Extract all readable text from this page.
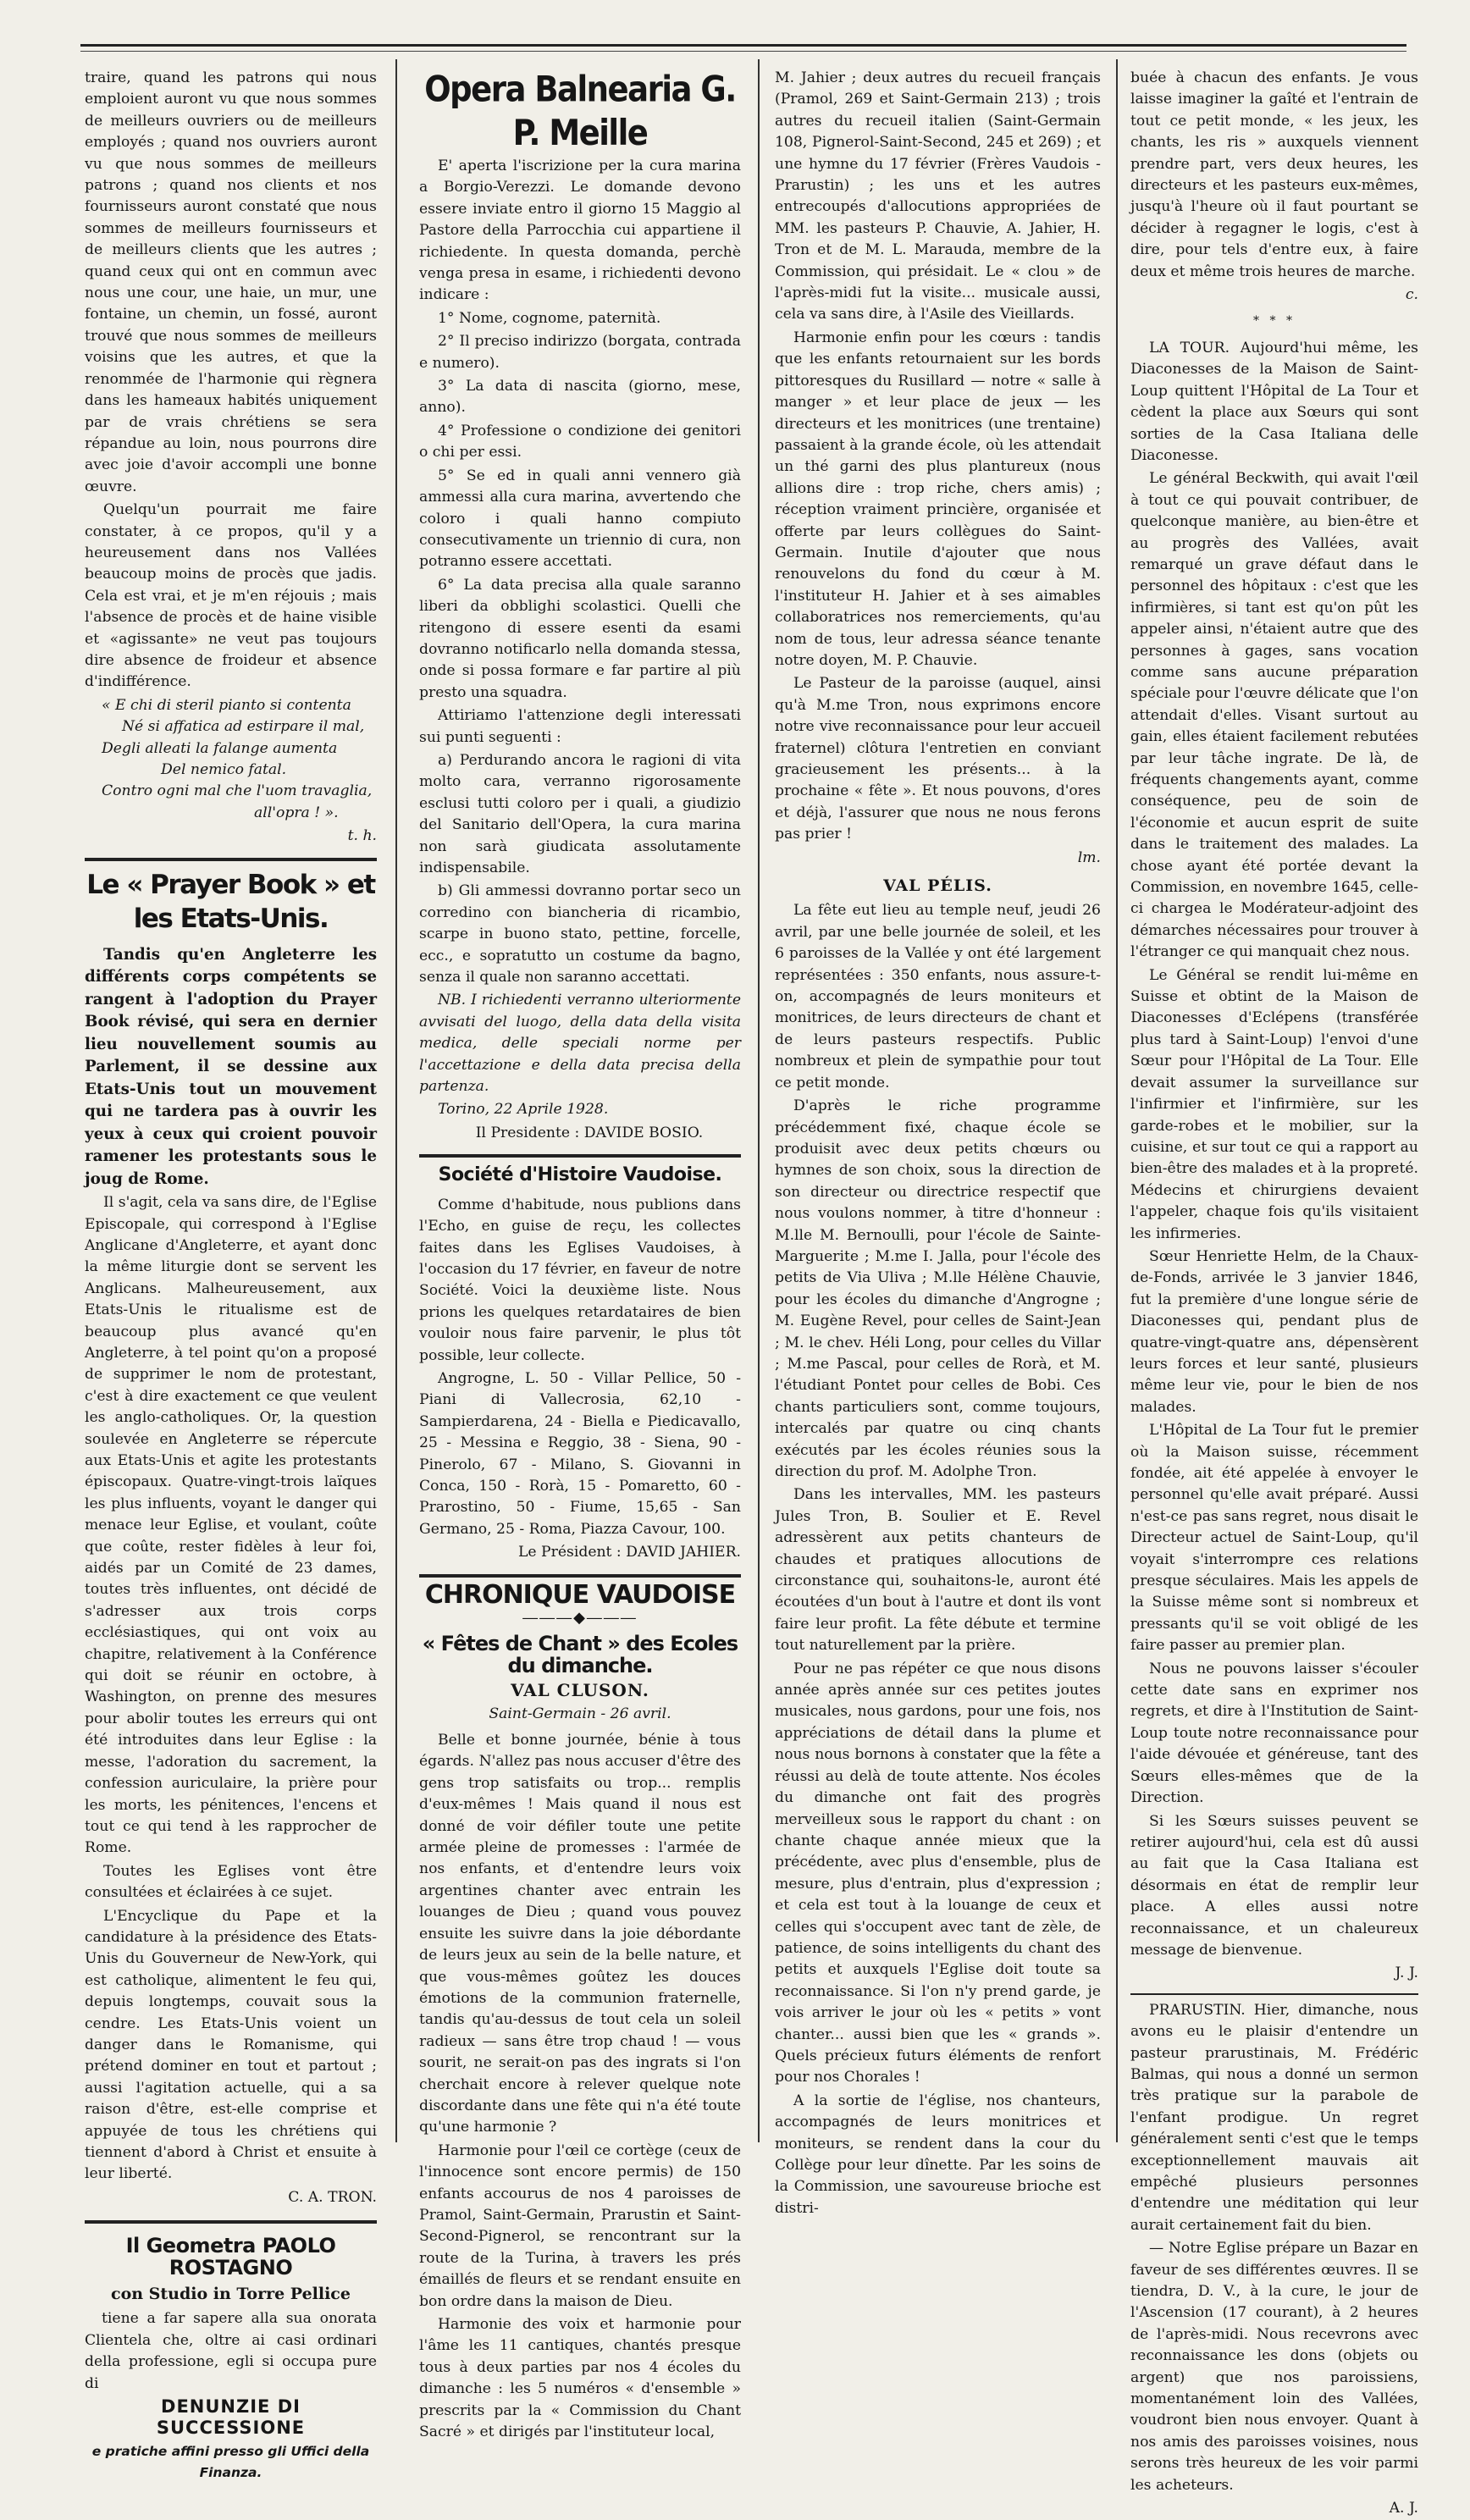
traire, quand les patrons qui nous emploient auront vu que nous sommes de meilleurs ouvriers ou de meilleurs employés ; quand nos ouvriers auront vu que nous sommes de meilleurs patrons ; quand nos clients et nos fournisseurs auront constaté que nous sommes de meilleurs fournisseurs et de meilleurs clients que les autres ; quand ceux qui ont en commun avec nous une cour, une haie, un mur, une fontaine, un chemin, un fossé, auront trouvé que nous sommes de meilleurs voisins que les autres, et que la renommée de l'harmonie qui règnera dans les hameaux habités uniquement par de vrais chrétiens se sera répandue au loin, nous pourrons dire avec joie d'avoir accompli une bonne œuvre.

Quelqu'un pourrait me faire constater, à ce propos, qu'il y a heureusement dans nos Vallées beaucoup moins de procès que jadis. Cela est vrai, et je m'en réjouis ; mais l'absence de procès et de haine visible et «agissante» ne veut pas toujours dire absence de froideur et absence d'indifférence.

« E chi di steril pianto si contenta

Né si affatica ad estirpare il mal,

Degli alleati la falange aumenta

Del nemico fatal.

Contro ogni mal che l'uom travaglia,

all'opra ! ».

t. h.
Le « Prayer Book » et les Etats-Unis.

Tandis qu'en Angleterre les différents corps compétents se rangent à l'adoption du Prayer Book révisé, qui sera en dernier lieu nouvellement soumis au Parlement, il se dessine aux Etats-Unis tout un mouvement qui ne tardera pas à ouvrir les yeux à ceux qui croient pouvoir ramener les protestants sous le joug de Rome.

Il s'agit, cela va sans dire, de l'Eglise Episcopale, qui correspond à l'Eglise Anglicane d'Angleterre, et ayant donc la même liturgie dont se servent les Anglicans. Malheureusement, aux Etats-Unis le ritualisme est de beaucoup plus avancé qu'en Angleterre, à tel point qu'on a proposé de supprimer le nom de protestant, c'est à dire exactement ce que veulent les anglo-catholiques. Or, la question soulevée en Angleterre se répercute aux Etats-Unis et agite les protestants épiscopaux. Quatre-vingt-trois laïques les plus influents, voyant le danger qui menace leur Eglise, et voulant, coûte que coûte, rester fidèles à leur foi, aidés par un Comité de 23 dames, toutes très influentes, ont décidé de s'adresser aux trois corps ecclésiastiques, qui ont voix au chapitre, relativement à la Conférence qui doit se réunir en octobre, à Washington, on prenne des mesures pour abolir toutes les erreurs qui ont été introduites dans leur Eglise : la messe, l'adoration du sacrement, la confession auriculaire, la prière pour les morts, les pénitences, l'encens et tout ce qui tend à les rapprocher de Rome.

Toutes les Eglises vont être consultées et éclairées à ce sujet.

L'Encyclique du Pape et la candidature à la présidence des Etats-Unis du Gouverneur de New-York, qui est catholique, alimentent le feu qui, depuis longtemps, couvait sous la cendre. Les Etats-Unis voient un danger dans le Romanisme, qui prétend dominer en tout et partout ; aussi l'agitation actuelle, qui a sa raison d'être, est-elle comprise et appuyée de tous les chrétiens qui tiennent d'abord à Christ et ensuite à leur liberté.

C. A. TRON.
Il Geometra PAOLO ROSTAGNO
con Studio in Torre Pellice
tiene a far sapere alla sua onorata Clientela che, oltre ai casi ordinari della professione, egli si occupa pure di
DENUNZIE DI SUCCESSIONE
e pratiche affini presso gli Uffici della Finanza.
Opera Balnearia G. P. Meille

E' aperta l'iscrizione per la cura marina a Borgio-Verezzi. Le domande devono essere inviate entro il giorno 15 Maggio al Pastore della Parrocchia cui appartiene il richiedente. In questa domanda, perchè venga presa in esame, i richiedenti devono indicare :

1° Nome, cognome, paternità.

2° Il preciso indirizzo (borgata, contrada e numero).

3° La data di nascita (giorno, mese, anno).

4° Professione o condizione dei genitori o chi per essi.

5° Se ed in quali anni vennero già ammessi alla cura marina, avvertendo che coloro i quali hanno compiuto consecutivamente un triennio di cura, non potranno essere accettati.

6° La data precisa alla quale saranno liberi da obblighi scolastici. Quelli che ritengono di essere esenti da esami dovranno notificarlo nella domanda stessa, onde si possa formare e far partire al più presto una squadra.

Attiriamo l'attenzione degli interessati sui punti seguenti :

a) Perdurando ancora le ragioni di vita molto cara, verranno rigorosamente esclusi tutti coloro per i quali, a giudizio del Sanitario dell'Opera, la cura marina non sarà giudicata assolutamente indispensabile.

b) Gli ammessi dovranno portar seco un corredino con biancheria di ricambio, scarpe in buono stato, pettine, forcelle, ecc., e sopratutto un costume da bagno, senza il quale non saranno accettati.

NB. I richiedenti verranno ulteriormente avvisati del luogo, della data della visita medica, delle speciali norme per l'accettazione e della data precisa della partenza.

Torino, 22 Aprile 1928.

Il Presidente : DAVIDE BOSIO.

Société d'Histoire Vaudoise.

Comme d'habitude, nous publions dans l'Echo, en guise de reçu, les collectes faites dans les Eglises Vaudoises, à l'occasion du 17 février, en faveur de notre Société. Voici la deuxième liste. Nous prions les quelques retardataires de bien vouloir nous faire parvenir, le plus tôt possible, leur collecte.

Angrogne, L. 50 - Villar Pellice, 50 - Piani di Vallecrosia, 62,10 - Sampierdarena, 24 - Biella e Piedicavallo, 25 - Messina e Reggio, 38 - Siena, 90 - Pinerolo, 67 - Milano, S. Giovanni in Conca, 150 - Rorà, 15 - Pomaretto, 60 - Prarostino, 50 - Fiume, 15,65 - San Germano, 25 - Roma, Piazza Cavour, 100.

Le Président : DAVID JAHIER.
CHRONIQUE VAUDOISE
―――◆―――
« Fêtes de Chant » des Ecoles du dimanche.
VAL CLUSON.
Saint-Germain - 26 avril.

Belle et bonne journée, bénie à tous égards. N'allez pas nous accuser d'être des gens trop satisfaits ou trop... remplis d'eux-mêmes ! Mais quand il nous est donné de voir défiler toute une petite armée pleine de promesses : l'armée de nos enfants, et d'entendre leurs voix argentines chanter avec entrain les louanges de Dieu ; quand vous pouvez ensuite les suivre dans la joie débordante de leurs jeux au sein de la belle nature, et que vous-mêmes goûtez les douces émotions de la communion fraternelle, tandis qu'au-dessus de tout cela un soleil radieux — sans être trop chaud ! — vous sourit, ne serait-on pas des ingrats si l'on cherchait encore à relever quelque note discordante dans une fête qui n'a été toute qu'une harmonie ?

Harmonie pour l'œil ce cortège (ceux de l'innocence sont encore permis) de 150 enfants accourus de nos 4 paroisses de Pramol, Saint-Germain, Prarustin et Saint-Second-Pignerol, se rencontrant sur la route de la Turina, à travers les prés émaillés de fleurs et se rendant ensuite en bon ordre dans la maison de Dieu.

Harmonie des voix et harmonie pour l'âme les 11 cantiques, chantés presque tous à deux parties par nos 4 écoles du dimanche : les 5 numéros « d'ensemble » prescrits par la « Commission du Chant Sacré » et dirigés par l'instituteur local,

M. Jahier ; deux autres du recueil français (Pramol, 269 et Saint-Germain 213) ; trois autres du recueil italien (Saint-Germain 108, Pignerol-Saint-Second, 245 et 269) ; et une hymne du 17 février (Frères Vaudois - Prarustin) ; les uns et les autres entrecoupés d'allocutions appropriées de MM. les pasteurs P. Chauvie, A. Jahier, H. Tron et de M. L. Marauda, membre de la Commission, qui présidait. Le « clou » de l'après-midi fut la visite... musicale aussi, cela va sans dire, à l'Asile des Vieillards.

Harmonie enfin pour les cœurs : tandis que les enfants retournaient sur les bords pittoresques du Rusillard — notre « salle à manger » et leur place de jeux — les directeurs et les monitrices (une trentaine) passaient à la grande école, où les attendait un thé garni des plus plantureux (nous allions dire : trop riche, chers amis) ; réception vraiment princière, organisée et offerte par leurs collègues do Saint-Germain. Inutile d'ajouter que nous renouvelons du fond du cœur à M. l'instituteur H. Jahier et à ses aimables collaboratrices nos remerciements, qu'au nom de tous, leur adressa séance tenante notre doyen, M. P. Chauvie.

Le Pasteur de la paroisse (auquel, ainsi qu'à M.me Tron, nous exprimons encore notre vive reconnaissance pour leur accueil fraternel) clôtura l'entretien en conviant gracieusement les présents... à la prochaine « fête ». Et nous pouvons, d'ores et déjà, l'assurer que nous ne nous ferons pas prier !

lm.
VAL PÉLIS.

La fête eut lieu au temple neuf, jeudi 26 avril, par une belle journée de soleil, et les 6 paroisses de la Vallée y ont été largement représentées : 350 enfants, nous assure-t-on, accompagnés de leurs moniteurs et monitrices, de leurs directeurs de chant et de leurs pasteurs respectifs. Public nombreux et plein de sympathie pour tout ce petit monde.

D'après le riche programme précédemment fixé, chaque école se produisit avec deux petits chœurs ou hymnes de son choix, sous la direction de son directeur ou directrice respectif que nous voulons nommer, à titre d'honneur : M.lle M. Bernoulli, pour l'école de Sainte-Marguerite ; M.me I. Jalla, pour l'école des petits de Via Uliva ; M.lle Hélène Chauvie, pour les écoles du dimanche d'Angrogne ; M. Eugène Revel, pour celles de Saint-Jean ; M. le chev. Héli Long, pour celles du Villar ; M.me Pascal, pour celles de Rorà, et M. l'étudiant Pontet pour celles de Bobi. Ces chants particuliers sont, comme toujours, intercalés par quatre ou cinq chants exécutés par les écoles réunies sous la direction du prof. M. Adolphe Tron.

Dans les intervalles, MM. les pasteurs Jules Tron, B. Soulier et E. Revel adressèrent aux petits chanteurs de chaudes et pratiques allocutions de circonstance qui, souhaitons-le, auront été écoutées d'un bout à l'autre et dont ils vont faire leur profit. La fête débute et termine tout naturellement par la prière.

Pour ne pas répéter ce que nous disons année après année sur ces petites joutes musicales, nous gardons, pour une fois, nos appréciations de détail dans la plume et nous nous bornons à constater que la fête a réussi au delà de toute attente. Nos écoles du dimanche ont fait des progrès merveilleux sous le rapport du chant : on chante chaque année mieux que la précédente, avec plus d'ensemble, plus de mesure, plus d'entrain, plus d'expression ; et cela est tout à la louange de ceux et celles qui s'occupent avec tant de zèle, de patience, de soins intelligents du chant des petits et auxquels l'Eglise doit toute sa reconnaissance. Si l'on n'y prend garde, je vois arriver le jour où les « petits » vont chanter... aussi bien que les « grands ». Quels précieux futurs éléments de renfort pour nos Chorales !

A la sortie de l'église, nos chanteurs, accompagnés de leurs monitrices et moniteurs, se rendent dans la cour du Collège pour leur dînette. Par les soins de la Commission, une savoureuse brioche est distri-

buée à chacun des enfants. Je vous laisse imaginer la gaîté et l'entrain de tout ce petit monde, « les jeux, les chants, les ris » auxquels viennent prendre part, vers deux heures, les directeurs et les pasteurs eux-mêmes, jusqu'à l'heure où il faut pourtant se décider à regagner le logis, c'est à dire, pour tels d'entre eux, à faire deux et même trois heures de marche.

c.
* * *

LA TOUR. Aujourd'hui même, les Diaconesses de la Maison de Saint-Loup quittent l'Hôpital de La Tour et cèdent la place aux Sœurs qui sont sorties de la Casa Italiana delle Diaconesse.

Le général Beckwith, qui avait l'œil à tout ce qui pouvait contribuer, de quelconque manière, au bien-être et au progrès des Vallées, avait remarqué un grave défaut dans le personnel des hôpitaux : c'est que les infirmières, si tant est qu'on pût les appeler ainsi, n'étaient autre que des personnes à gages, sans vocation comme sans aucune préparation spéciale pour l'œuvre délicate que l'on attendait d'elles. Visant surtout au gain, elles étaient facilement rebutées par leur tâche ingrate. De là, de fréquents changements ayant, comme conséquence, peu de soin de l'économie et aucun esprit de suite dans le traitement des malades. La chose ayant été portée devant la Commission, en novembre 1645, celle-ci chargea le Modérateur-adjoint des démarches nécessaires pour trouver à l'étranger ce qui manquait chez nous.

Le Général se rendit lui-même en Suisse et obtint de la Maison de Diaconesses d'Eclépens (transférée plus tard à Saint-Loup) l'envoi d'une Sœur pour l'Hôpital de La Tour. Elle devait assumer la surveillance sur l'infirmier et l'infirmière, sur les garde-robes et le mobilier, sur la cuisine, et sur tout ce qui a rapport au bien-être des malades et à la propreté. Médecins et chirurgiens devaient l'appeler, chaque fois qu'ils visitaient les infirmeries.

Sœur Henriette Helm, de la Chaux-de-Fonds, arrivée le 3 janvier 1846, fut la première d'une longue série de Diaconesses qui, pendant plus de quatre-vingt-quatre ans, dépensèrent leurs forces et leur santé, plusieurs même leur vie, pour le bien de nos malades.

L'Hôpital de La Tour fut le premier où la Maison suisse, récemment fondée, ait été appelée à envoyer le personnel qu'elle avait préparé. Aussi n'est-ce pas sans regret, nous disait le Directeur actuel de Saint-Loup, qu'il voyait s'interrompre ces relations presque séculaires. Mais les appels de la Suisse même sont si nombreux et pressants qu'il se voit obligé de les faire passer au premier plan.

Nous ne pouvons laisser s'écouler cette date sans en exprimer nos regrets, et dire à l'Institution de Saint-Loup toute notre reconnaissance pour l'aide dévouée et généreuse, tant des Sœurs elles-mêmes que de la Direction.

Si les Sœurs suisses peuvent se retirer aujourd'hui, cela est dû aussi au fait que la Casa Italiana est désormais en état de remplir leur place. A elles aussi notre reconnaissance, et un chaleureux message de bienvenue.

J. J.

PRARUSTIN. Hier, dimanche, nous avons eu le plaisir d'entendre un pasteur prarustinais, M. Frédéric Balmas, qui nous a donné un sermon très pratique sur la parabole de l'enfant prodigue. Un regret généralement senti c'est que le temps exceptionnellement mauvais ait empêché plusieurs personnes d'entendre une méditation qui leur aurait certainement fait du bien.

— Notre Eglise prépare un Bazar en faveur de ses différentes œuvres. Il se tiendra, D. V., à la cure, le jour de l'Ascension (17 courant), à 2 heures de l'après-midi. Nous recevrons avec reconnaissance les dons (objets ou argent) que nos paroissiens, momentanément loin des Vallées, voudront bien nous envoyer. Quant à nos amis des paroisses voisines, nous serons très heureux de les voir parmi les acheteurs.

A. J.
